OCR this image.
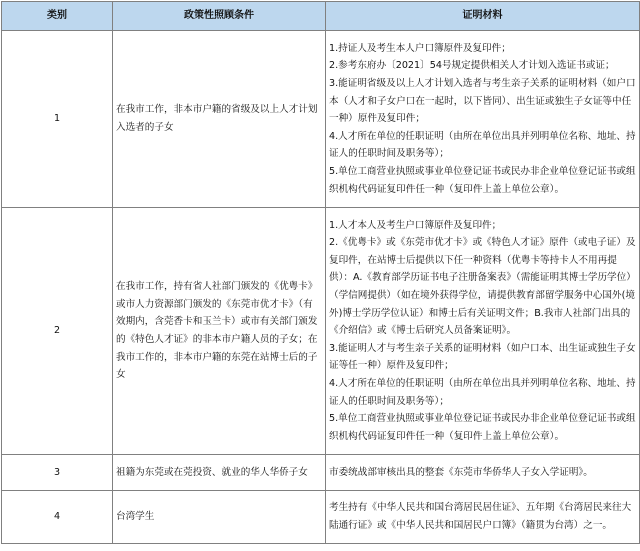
类别	政策性照顾条件	证明材料
1	在我市工作，非本市户籍的省级及以上人才计划入选者的子女	1.持证人及考生本人户口簿原件及复印件；
2.参考东府办〔2021〕54号规定提供相关人才计划入选证书或证；
3.能证明省级及以上人才计划入选者与考生亲子关系的证明材料（如户口本（人才和子女户口在一起时，以下皆同）、出生证或独生子女证等中任一种）原件及复印件；
4.人才所在单位的任职证明（由所在单位出具并列明单位名称、地址、持证人的任职时间及职务等）；
5.单位工商营业执照或事业单位登记证书或民办非企业单位登记证书或组织机构代码证复印件任一种（复印件上盖上单位公章）。

2	在我市工作，持有省人社部门颁发的《优粤卡》或市人力资源部门颁发的《东莞市优才卡》（有效期内，含莞香卡和玉兰卡）或市有关部门颁发的《特色人才证》的非本市户籍人员的子女；在我市工作的，非本市户籍的东莞在站博士后的子女	1.人才本人及考生户口簿原件及复印件；
2.《优粤卡》或《东莞市优才卡》或《特色人才证》原件（或电子证）及复印件，在站博士后提供以下任一种资料（优粤卡等持卡人不用再提供）：A.《教育部学历证书电子注册备案表》（需能证明其博士学历学位）（学信网提供）（如在境外获得学位，请提供教育部留学服务中心国外(境外)博士学历学位认证）和博士后有关证明文件；B.我市人社部门出具的《介绍信》或《博士后研究人员备案证明》。
3.能证明人才与考生亲子关系的证明材料（如户口本、出生证或独生子女证等任一种）原件及复印件；
4.人才所在单位的任职证明（由所在单位出具并列明单位名称、地址、持证人的任职时间及职务等）；
5.单位工商营业执照或事业单位登记证书或民办非企业单位登记证书或组织机构代码证复印件任一种（复印件上盖上单位公章）。

3	祖籍为东莞或在莞投资、就业的华人华侨子女	市委统战部审核出具的整套《东莞市华侨华人子女入学证明》。

4	台湾学生	考生持有《中华人民共和国台湾居民居住证》、五年期《台湾居民来往大陆通行证》或《中华人民共和国居民户口簿》（籍贯为台湾）之一。
